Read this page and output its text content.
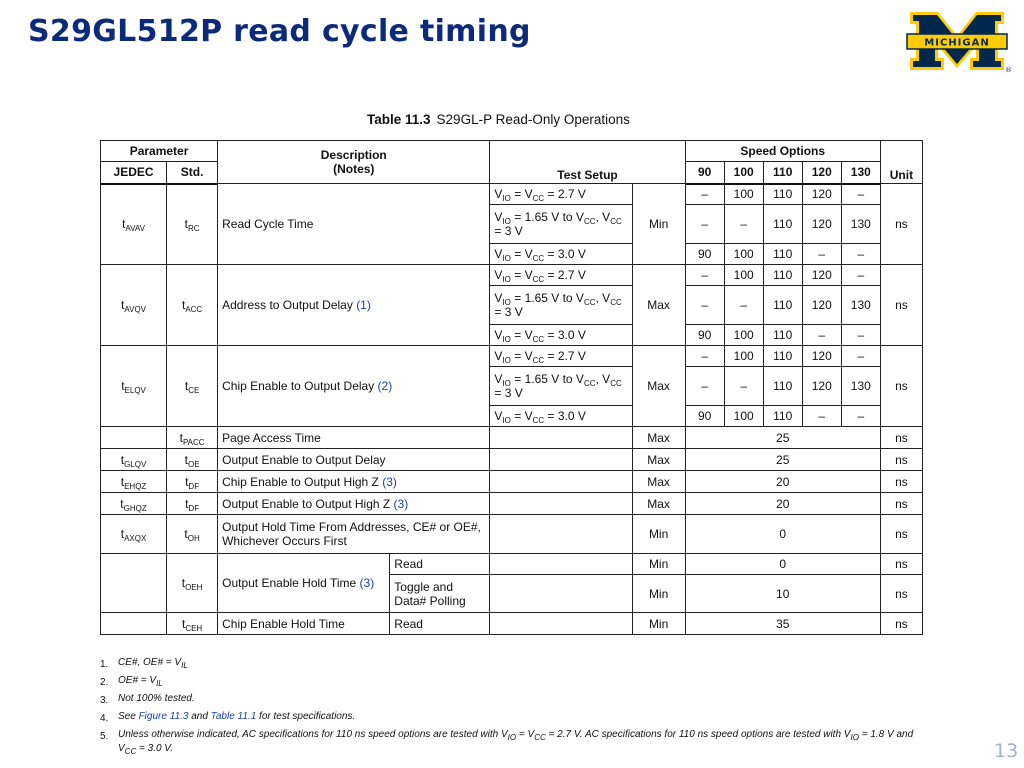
S29GL512P read cycle timing	MICHIGAN
®
Table 11.3 S29GL-P Read-Only Operations
Parameter		Description
(Notes)		Test Setup		Speed Options					Unit
JEDEC	Std.					90	100	110	120	130	
$t_{AVAV}$	$t_{RC}$	Read Cycle Time		$V_{IO} = V_{CC} = 2.7$ V	Min	–	100	110	120	–	ns
				$V_{IO} = 1.65$ V to $V_{CC}$, $V_{CC} = 3$ V		–	–	110	120	130	
				$V_{IO} = V_{CC} = 3.0$ V		90	100	110	–	–	
$t_{AVQV}$	$t_{ACC}$	Address to Output Delay (1)		$V_{IO} = V_{CC} = 2.7$ V	Max	–	100	110	120	–	ns
				$V_{IO} = 1.65$ V to $V_{CC}$, $V_{CC} = 3$ V		–	–	110	120	130	
				$V_{IO} = V_{CC} = 3.0$ V		90	100	110	–	–	
$t_{ELQV}$	$t_{CE}$	Chip Enable to Output Delay (2)		$V_{IO} = V_{CC} = 2.7$ V	Max	–	100	110	120	–	ns
				$V_{IO} = 1.65$ V to $V_{CC}$, $V_{CC} = 3$ V		–	–	110	120	130	
				$V_{IO} = V_{CC} = 3.0$ V		90	100	110	–	–	
	$t_{PACC}$	Page Access Time			Max	25					ns
$t_{GLQV}$	$t_{OE}$	Output Enable to Output Delay			Max	25					ns
$t_{EHQZ}$	$t_{DF}$	Chip Enable to Output High Z (3)			Max	20					ns
$t_{GHQZ}$	$t_{DF}$	Output Enable to Output High Z (3)			Max	20					ns
$t_{AXQX}$	$t_{OH}$	Output Hold Time From Addresses, CE# or OE#, Whichever Occurs First			Min	0					ns
	$t_{OEH}$	Output Enable Hold Time (3)	Read		Min	0					ns
			Toggle and Data# Polling		Min	10					ns
	$t_{CEH}$	Chip Enable Hold Time	Read		Min	35					ns
1. CE#, OE# = $V_{IL}$
2. OE# = $V_{IL}$
3. Not 100% tested.
4. See Figure 11.3 and Table 11.1 for test specifications.
5. Unless otherwise indicated, AC specifications for 110 ns speed options are tested with $V_{IO} = V_{CC} = 2.7$ V. AC specifications for 110 ns speed options are tested with $V_{IO} = 1.8$ V and $V_{CC} = 3.0$ V.	13
